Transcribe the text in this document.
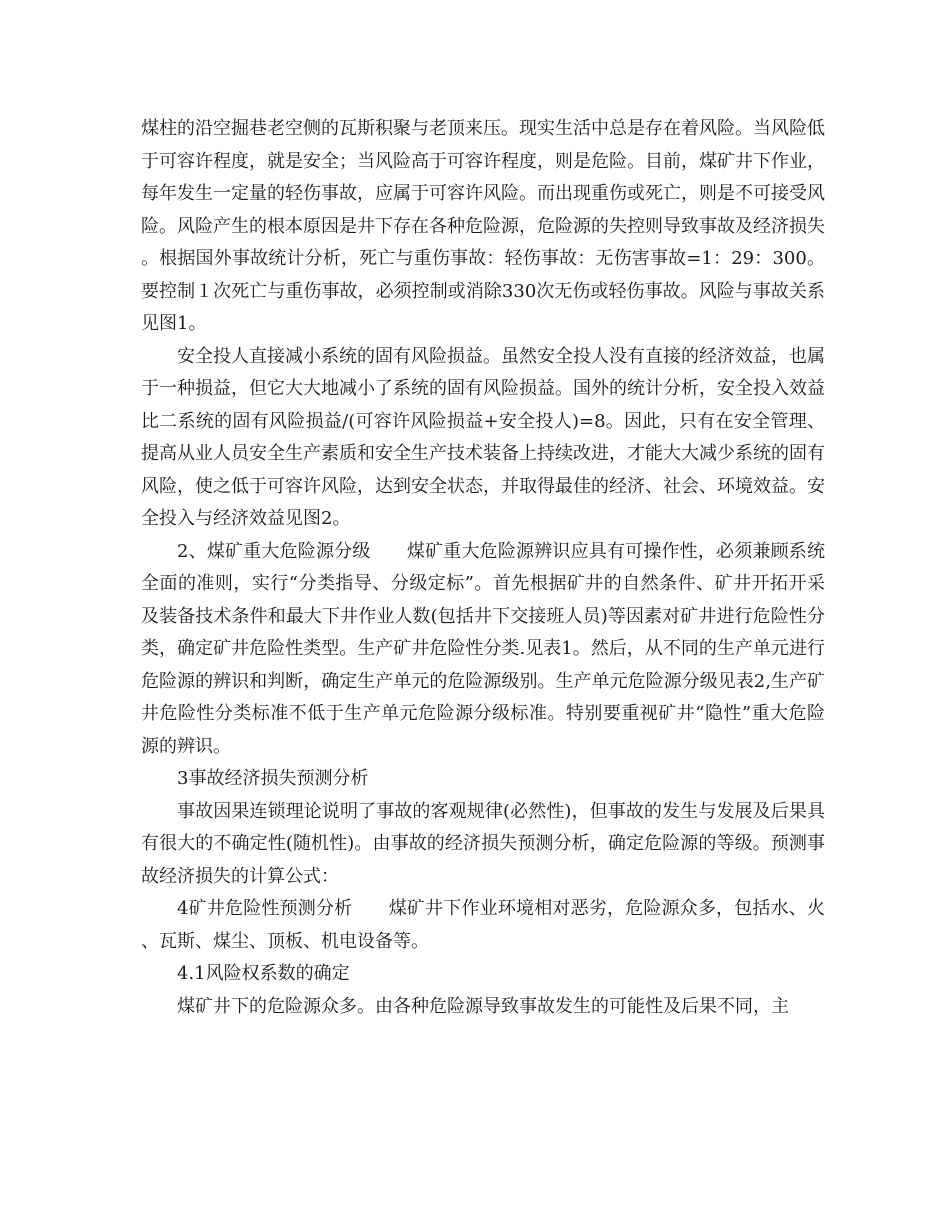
煤柱的沿空掘巷老空侧的瓦斯积聚与老顶来压。现实生活中总是存在着风险。当风险低于可容许程度，就是安全；当风险高于可容许程度，则是危险。目前，煤矿井下作业，每年发生一定量的轻伤事故，应属于可容许风险。而出现重伤或死亡，则是不可接受风险。风险产生的根本原因是井下存在各种危险源，危险源的失控则导致事故及经济损失。根据国外事故统计分析，死亡与重伤事故：轻伤事故：无伤害事故=1：29：300。要控制１次死亡与重伤事故，必须控制或消除330次无伤或轻伤事故。风险与事故关系见图1。

安全投人直接减小系统的固有风险损益。虽然安全投人没有直接的经济效益，也属于一种损益，但它大大地减小了系统的固有风险损益。国外的统计分析，安全投入效益比二系统的固有风险损益/(可容许风险损益+安全投人)=8。因此，只有在安全管理、提高从业人员安全生产素质和安全生产技术装备上持续改进，才能大大减少系统的固有风险，使之低于可容许风险，达到安全状态，并取得最佳的经济、社会、环境效益。安全投入与经济效益见图2。

2、煤矿重大危险源分级　　煤矿重大危险源辨识应具有可操作性，必须兼顾系统全面的准则，实行“分类指导、分级定标”。首先根据矿井的自然条件、矿井开拓开采及装备技术条件和最大下井作业人数(包括井下交接班人员)等因素对矿井进行危险性分类，确定矿井危险性类型。生产矿井危险性分类.见表1。然后，从不同的生产单元进行危险源的辨识和判断，确定生产单元的危险源级别。生产单元危险源分级见表2,生产矿井危险性分类标准不低于生产单元危险源分级标准。特别要重视矿井“隐性”重大危险源的辨识。

3事故经济损失预测分析

事故因果连锁理论说明了事故的客观规律(必然性)，但事故的发生与发展及后果具有很大的不确定性(随机性)。由事故的经济损失预测分析，确定危险源的等级。预测事故经济损失的计算公式：

4矿井危险性预测分析　　煤矿井下作业环境相对恶劣，危险源众多，包括水、火、瓦斯、煤尘、顶板、机电设备等。

4.1风险权系数的确定

煤矿井下的危险源众多。由各种危险源导致事故发生的可能性及后果不同，主
